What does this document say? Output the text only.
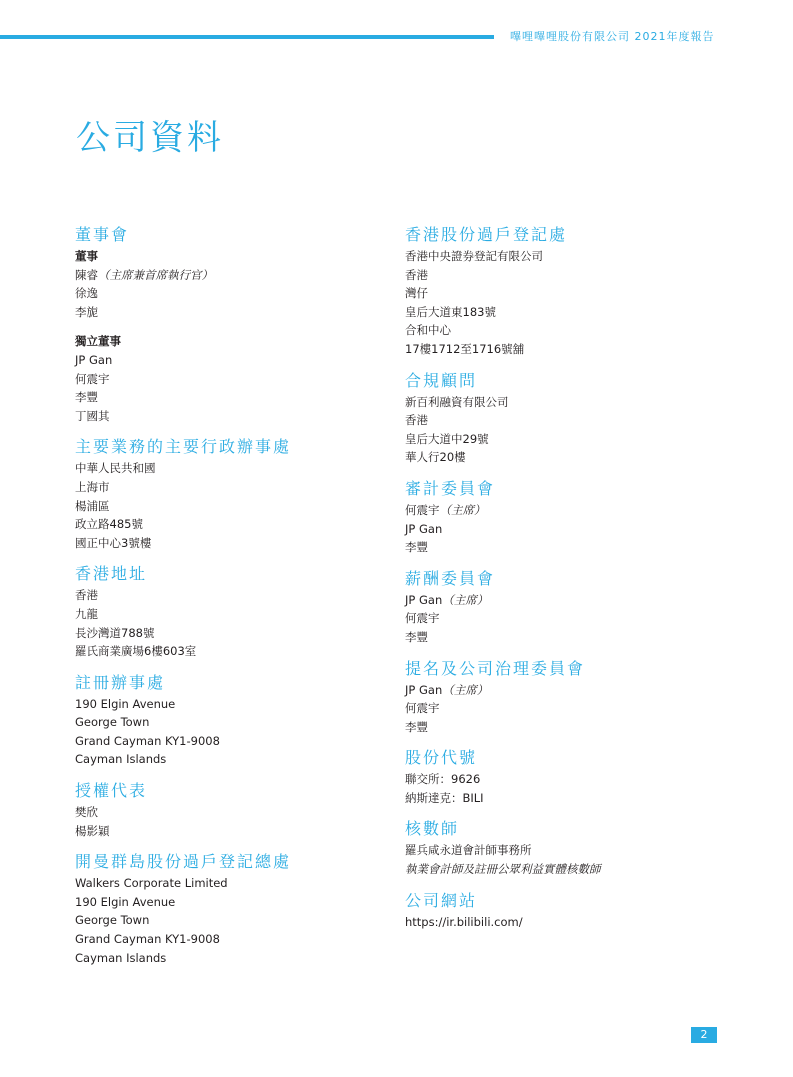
嗶哩嗶哩股份有限公司 2021年度報告
公司資料
董事會

董事

陳睿（主席兼首席執行官）

徐逸

李旎

獨立董事

JP Gan

何震宇

李豐

丁國其

主要業務的主要行政辦事處

中華人民共和國

上海市

楊浦區

政立路485號

國正中心3號樓

香港地址

香港

九龍

長沙灣道788號

羅氏商業廣場6樓603室

註冊辦事處

190 Elgin Avenue

George Town

Grand Cayman KY1-9008

Cayman Islands

授權代表

樊欣

楊影穎

開曼群島股份過戶登記總處

Walkers Corporate Limited

190 Elgin Avenue

George Town

Grand Cayman KY1-9008

Cayman Islands

香港股份過戶登記處

香港中央證券登記有限公司

香港

灣仔

皇后大道東183號

合和中心

17樓1712至1716號舖

合規顧問

新百利融資有限公司

香港

皇后大道中29號

華人行20樓

審計委員會

何震宇（主席）

JP Gan

李豐

薪酬委員會

JP Gan（主席）

何震宇

李豐

提名及公司治理委員會

JP Gan（主席）

何震宇

李豐

股份代號

聯交所：9626

納斯達克：BILI

核數師

羅兵咸永道會計師事務所

執業會計師及註冊公眾利益實體核數師

公司網站

https://ir.bilibili.com/

2
